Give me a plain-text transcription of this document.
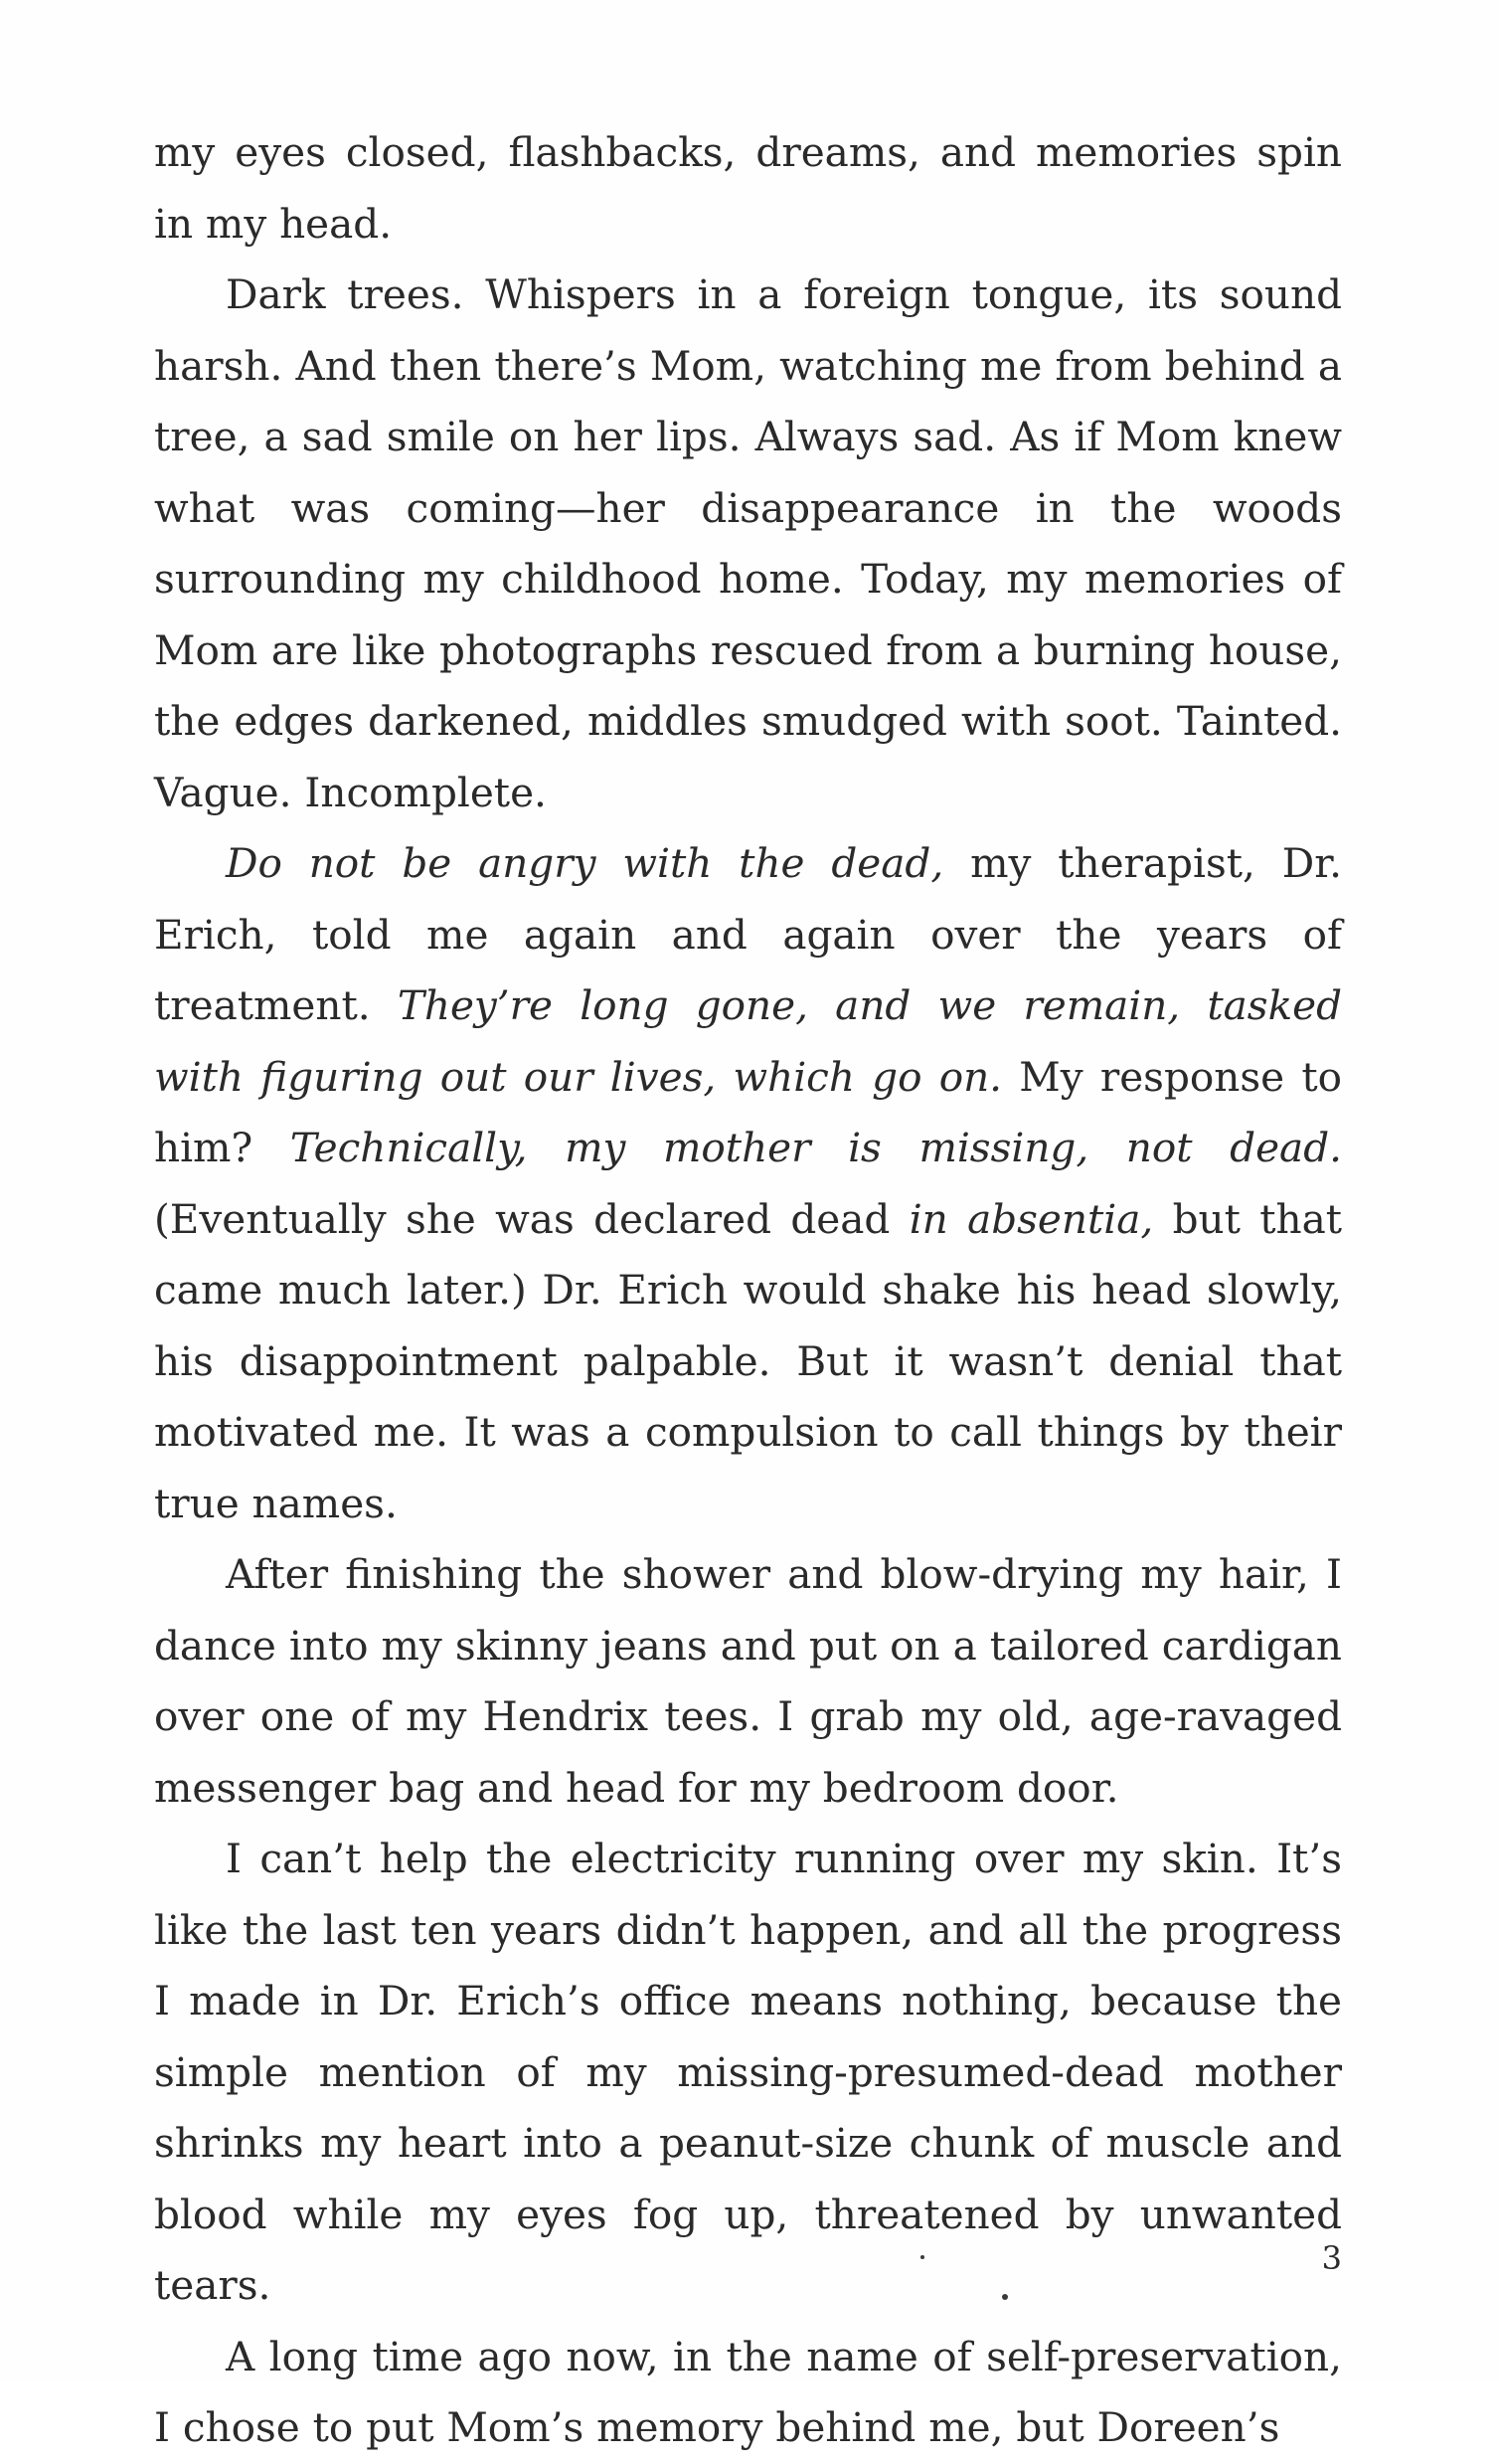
my eyes closed, flashbacks, dreams, and memories spin in my head.

Dark trees. Whispers in a foreign tongue, its sound harsh. And then there’s Mom, watching me from behind a tree, a sad smile on her lips. Always sad. As if Mom knew what was coming—her disappearance in the woods surrounding my childhood home. Today, my memories of Mom are like photographs rescued from a burning house, the edges darkened, middles smudged with soot. Tainted. Vague. Incomplete.

Do not be angry with the dead, my therapist, Dr. Erich, told me again and again over the years of treatment. They’re long gone, and we remain, tasked with figuring out our lives, which go on. My response to him? Technically, my mother is missing, not dead. (Eventually she was declared dead in absentia, but that came much later.) Dr. Erich would shake his head slowly, his disappointment palpable. But it wasn’t denial that motivated me. It was a compulsion to call things by their true names.

After finishing the shower and blow-drying my hair, I dance into my skinny jeans and put on a tailored cardigan over one of my Hendrix tees. I grab my old, age-ravaged messenger bag and head for my bedroom door.

I can’t help the electricity running over my skin. It’s like the last ten years didn’t happen, and all the progress I made in Dr. Erich’s office means nothing, because the simple mention of my missing-presumed-dead mother shrinks my heart into a peanut-size chunk of muscle and blood while my eyes fog up, threatened by unwanted tears.

A long time ago now, in the name of self-preservation, I chose to put Mom’s memory behind me, but Doreen’s

3
